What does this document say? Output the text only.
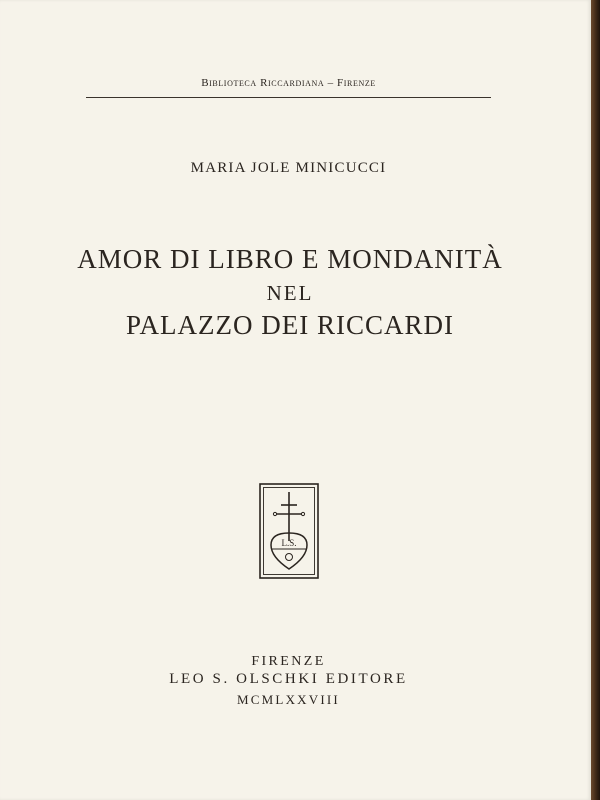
Biblioteca Riccardiana – Firenze
MARIA JOLE MINICUCCI
AMOR DI LIBRO E MONDANITÀ
NEL
PALAZZO DEI RICCARDI
L.S.
FIRENZE
LEO S. OLSCHKI EDITORE
MCMLXXVIII
